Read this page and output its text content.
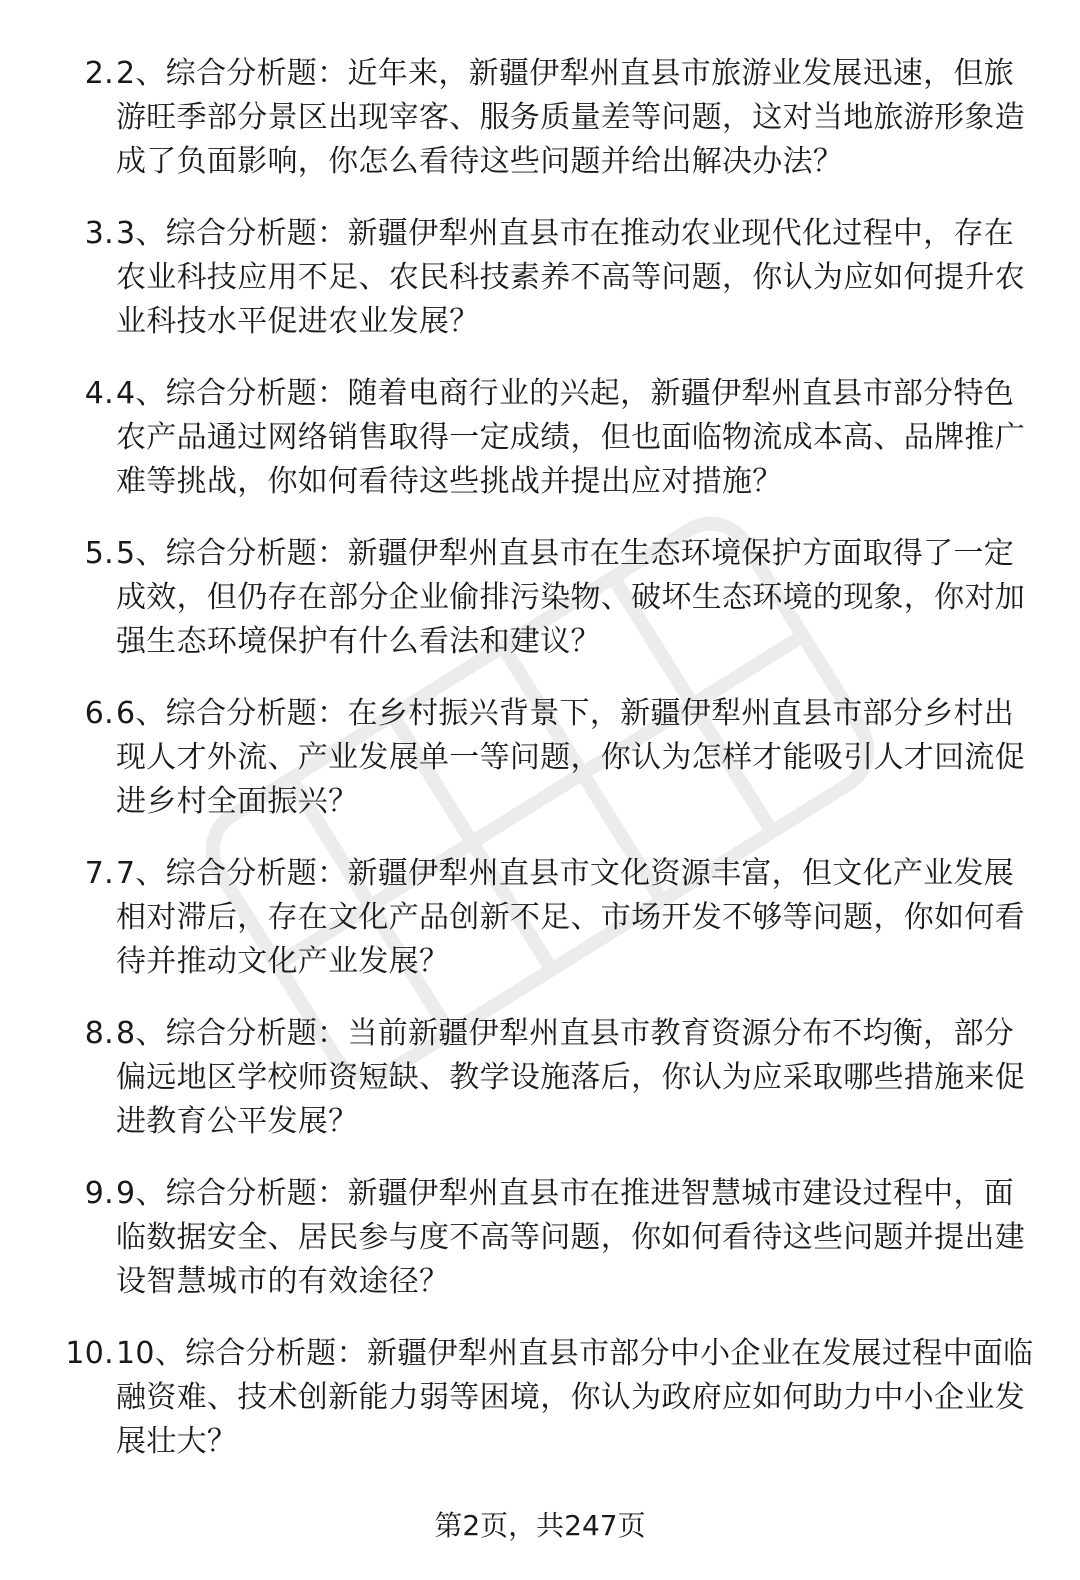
2. 2、综合分析题：近年来，新疆伊犁州直县市旅游业发展迅速，但旅游旺季部分景区出现宰客、服务质量差等问题，这对当地旅游形象造成了负面影响，你怎么看待这些问题并给出解决办法？
3. 3、综合分析题：新疆伊犁州直县市在推动农业现代化过程中，存在农业科技应用不足、农民科技素养不高等问题，你认为应如何提升农业科技水平促进农业发展？
4. 4、综合分析题：随着电商行业的兴起，新疆伊犁州直县市部分特色农产品通过网络销售取得一定成绩，但也面临物流成本高、品牌推广难等挑战，你如何看待这些挑战并提出应对措施？
5. 5、综合分析题：新疆伊犁州直县市在生态环境保护方面取得了一定成效，但仍存在部分企业偷排污染物、破坏生态环境的现象，你对加强生态环境保护有什么看法和建议？
6. 6、综合分析题：在乡村振兴背景下，新疆伊犁州直县市部分乡村出现人才外流、产业发展单一等问题，你认为怎样才能吸引人才回流促进乡村全面振兴？
7. 7、综合分析题：新疆伊犁州直县市文化资源丰富，但文化产业发展相对滞后，存在文化产品创新不足、市场开发不够等问题，你如何看待并推动文化产业发展？
8. 8、综合分析题：当前新疆伊犁州直县市教育资源分布不均衡，部分偏远地区学校师资短缺、教学设施落后，你认为应采取哪些措施来促进教育公平发展？
9. 9、综合分析题：新疆伊犁州直县市在推进智慧城市建设过程中，面临数据安全、居民参与度不高等问题，你如何看待这些问题并提出建设智慧城市的有效途径？
10. 10、综合分析题：新疆伊犁州直县市部分中小企业在发展过程中面临融资难、技术创新能力弱等困境，你认为政府应如何助力中小企业发展壮大？
第2页，共247页
